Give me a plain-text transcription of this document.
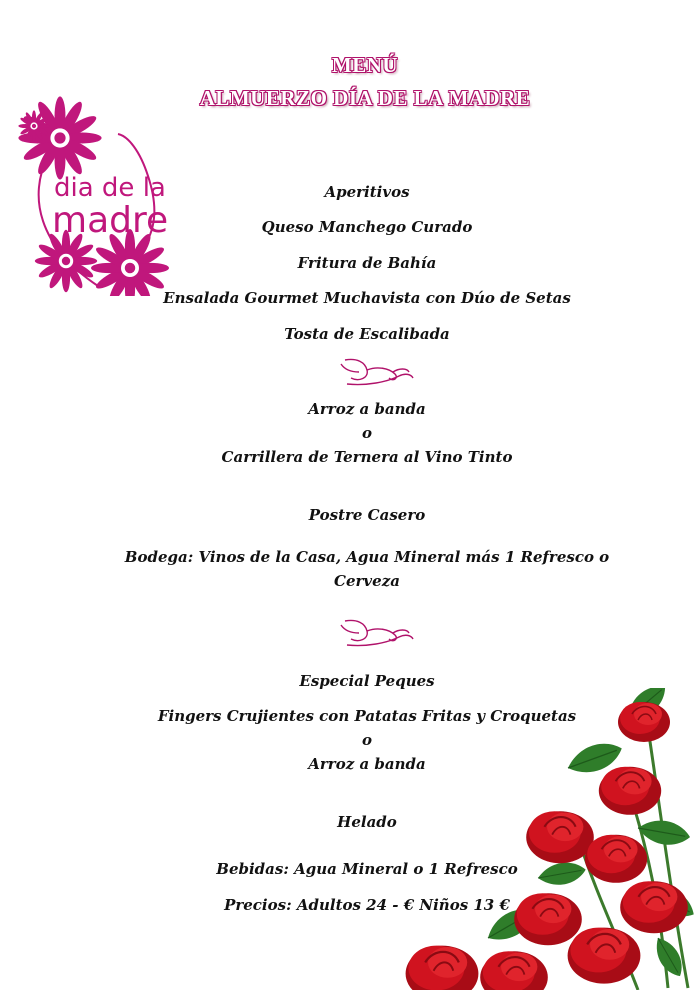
MENÚ
ALMUERZO DÍA DE LA MADRE
dia de la
madre
Aperitivos
Queso Manchego Curado
Fritura de Bahía
Ensalada Gourmet Muchavista con Dúo de Setas
Tosta de Escalibada
Arroz a banda
o
Carrillera de Ternera al Vino Tinto
Postre Casero
Bodega: Vinos de la Casa, Agua Mineral más 1 Refresco o
Cerveza
Especial Peques
Fingers Crujientes con Patatas Fritas y Croquetas
o
Arroz a banda
Helado
Bebidas: Agua Mineral o 1 Refresco
Precios: Adultos 24 - € Niños 13 €
